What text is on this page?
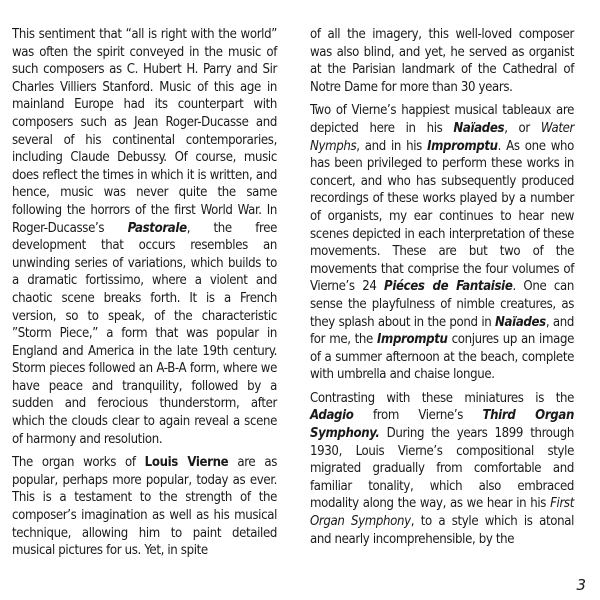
This sentiment that “all is right with the world” was often the spirit conveyed in the music of such composers as C. Hubert H. Parry and Sir Charles Villiers Stanford. Music of this age in mainland Europe had its counterpart with composers such as Jean Roger-Ducasse and several of his continental contemporaries, including Claude Debussy. Of course, music does reflect the times in which it is written, and hence, music was never quite the same following the horrors of the first World War. In Roger-Ducasse’s Pastorale, the free development that occurs resembles an unwinding series of variations, which builds to a dramatic fortissimo, where a violent and chaotic scene breaks forth. It is a French version, so to speak, of the characteristic ”Storm Piece,” a form that was popular in England and America in the late 19th century. Storm pieces followed an A-B-A form, where we have peace and tranquility, followed by a sudden and ferocious thunderstorm, after which the clouds clear to again reveal a scene of harmony and resolution.

The organ works of Louis Vierne are as popular, perhaps more popular, today as ever. This is a testament to the strength of the composer’s imagination as well as his musical technique, allowing him to paint detailed musical pictures for us. Yet, in spite

of all the imagery, this well-loved composer was also blind, and yet, he served as organist at the Parisian landmark of the Cathedral of Notre Dame for more than 30 years.

Two of Vierne’s happiest musical tableaux are depicted here in his Naïades, or Water Nymphs, and in his Impromptu. As one who has been privileged to perform these works in concert, and who has subsequently produced recordings of these works played by a number of organists, my ear continues to hear new scenes depicted in each interpretation of these movements. These are but two of the movements that comprise the four volumes of Vierne’s 24 Piéces de Fantaisie. One can sense the playfulness of nimble creatures, as they splash about in the pond in Naïades, and for me, the Impromptu conjures up an image of a summer afternoon at the beach, complete with umbrella and chaise longue.

Contrasting with these miniatures is the Adagio from Vierne’s Third Organ Symphony. During the years 1899 through 1930, Louis Vierne’s compositional style migrated gradually from comfortable and familiar tonality, which also embraced modality along the way, as we hear in his First Organ Symphony, to a style which is atonal and nearly incomprehensible, by the

3
